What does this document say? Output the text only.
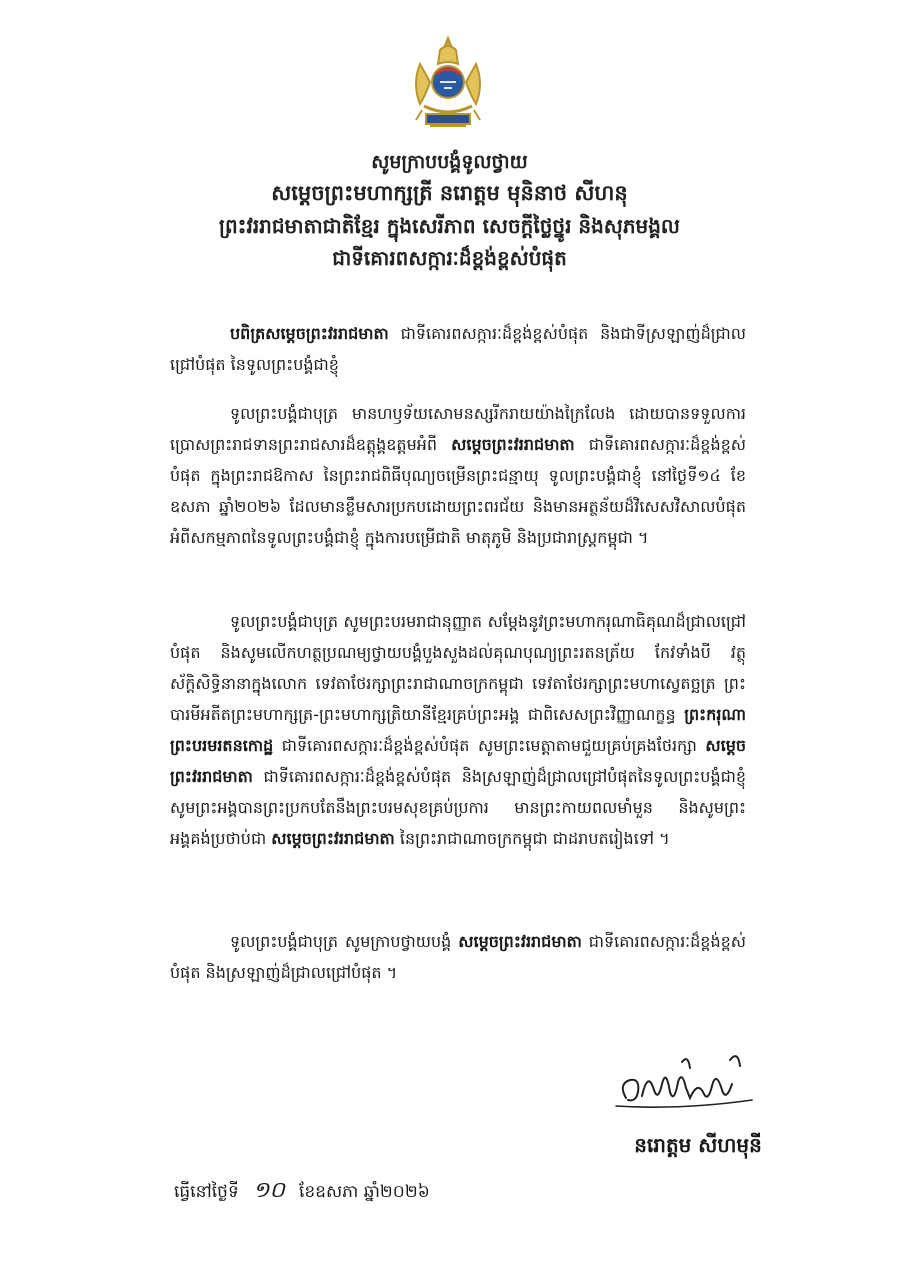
សូមក្រាបបង្គំទូលថ្វាយ
សម្តេចព្រះមហាក្សត្រី នរោត្តម មុនិនាថ សីហនុ
ព្រះវររាជមាតាជាតិខ្មែរ ក្នុងសេរីភាព សេចក្តីថ្លៃថ្នូរ និងសុភមង្គល
ជាទីគោរពសក្ការៈដ៏ខ្ពង់ខ្ពស់បំផុត
បពិត្រសម្តេចព្រះវររាជមាតា ជាទីគោរពសក្ការៈដ៏ខ្ពង់ខ្ពស់បំផុត និងជាទីស្រឡាញ់ដ៏ជ្រាលជ្រៅបំផុត នៃទូលព្រះបង្គំជាខ្ញុំ
ទូលព្រះបង្គំជាបុត្រ មានហឫទ័យសោមនស្សរីករាយយ៉ាងក្រៃលែង ដោយបានទទួលការប្រោសព្រះរាជទានព្រះរាជសារដ៏ឧត្តុង្គឧត្តមអំពី សម្តេចព្រះវររាជមាតា ជាទីគោរពសក្ការៈដ៏ខ្ពង់ខ្ពស់បំផុត ក្នុងព្រះរាជឱកាស នៃព្រះរាជពិធីបុណ្យចម្រើនព្រះជន្មាយុ ទូលព្រះបង្គំជាខ្ញុំ នៅថ្ងៃទី១៤ ខែឧសភា ឆ្នាំ២០២៦ ដែលមានខ្លឹមសារប្រកបដោយព្រះពរជ័យ និងមានអត្ថន័យដ៏វិសេសវិសាលបំផុត អំពីសកម្មភាពនៃទូលព្រះបង្គំជាខ្ញុំ ក្នុងការបម្រើជាតិ មាតុភូមិ និងប្រជារាស្ត្រកម្ពុជា ។
ទូលព្រះបង្គំជាបុត្រ សូមព្រះបរមរាជានុញ្ញាត សម្តែងនូវព្រះមហាករុណាធិគុណដ៏ជ្រាលជ្រៅបំផុត និងសូមលើកហត្ថប្រណម្យថ្វាយបង្គំបួងសួងដល់គុណបុណ្យព្រះរតនត្រ័យ កែវទាំងបី វត្ថុស័ក្តិសិទ្ធិនានាក្នុងលោក ទេវតាថែរក្សាព្រះរាជាណាចក្រកម្ពុជា ទេវតាថែរក្សាព្រះមហាស្វេតច្ឆត្រ ព្រះបារមីអតីតព្រះមហាក្សត្រ-ព្រះមហាក្សត្រិយានីខ្មែរគ្រប់ព្រះអង្គ ជាពិសេសព្រះវិញ្ញាណក្ខន្ធ ព្រះករុណា ព្រះបរមរតនកោដ្ឋ ជាទីគោរពសក្ការៈដ៏ខ្ពង់ខ្ពស់បំផុត សូមព្រះមេត្តាតាមជួយគ្រប់គ្រងថែរក្សា សម្តេចព្រះវររាជមាតា ជាទីគោរពសក្ការៈដ៏ខ្ពង់ខ្ពស់បំផុត និងស្រឡាញ់ដ៏ជ្រាលជ្រៅបំផុតនៃទូលព្រះបង្គំជាខ្ញុំ សូមព្រះអង្គបានព្រះប្រកបតែនឹងព្រះបរមសុខគ្រប់ប្រការ មានព្រះកាយពលមាំមួន និងសូមព្រះអង្គគង់ប្រថាប់ជា សម្តេចព្រះវររាជមាតា នៃព្រះរាជាណាចក្រកម្ពុជា ជាដរាបតរៀងទៅ ។
ទូលព្រះបង្គំជាបុត្រ សូមក្រាបថ្វាយបង្គំ សម្តេចព្រះវររាជមាតា ជាទីគោរពសក្ការៈដ៏ខ្ពង់ខ្ពស់បំផុត និងស្រឡាញ់ដ៏ជ្រាលជ្រៅបំផុត ។
នរោត្តម សីហមុនី
ធ្វើនៅថ្ងៃទី ១០ ខែឧសភា ឆ្នាំ២០២៦
